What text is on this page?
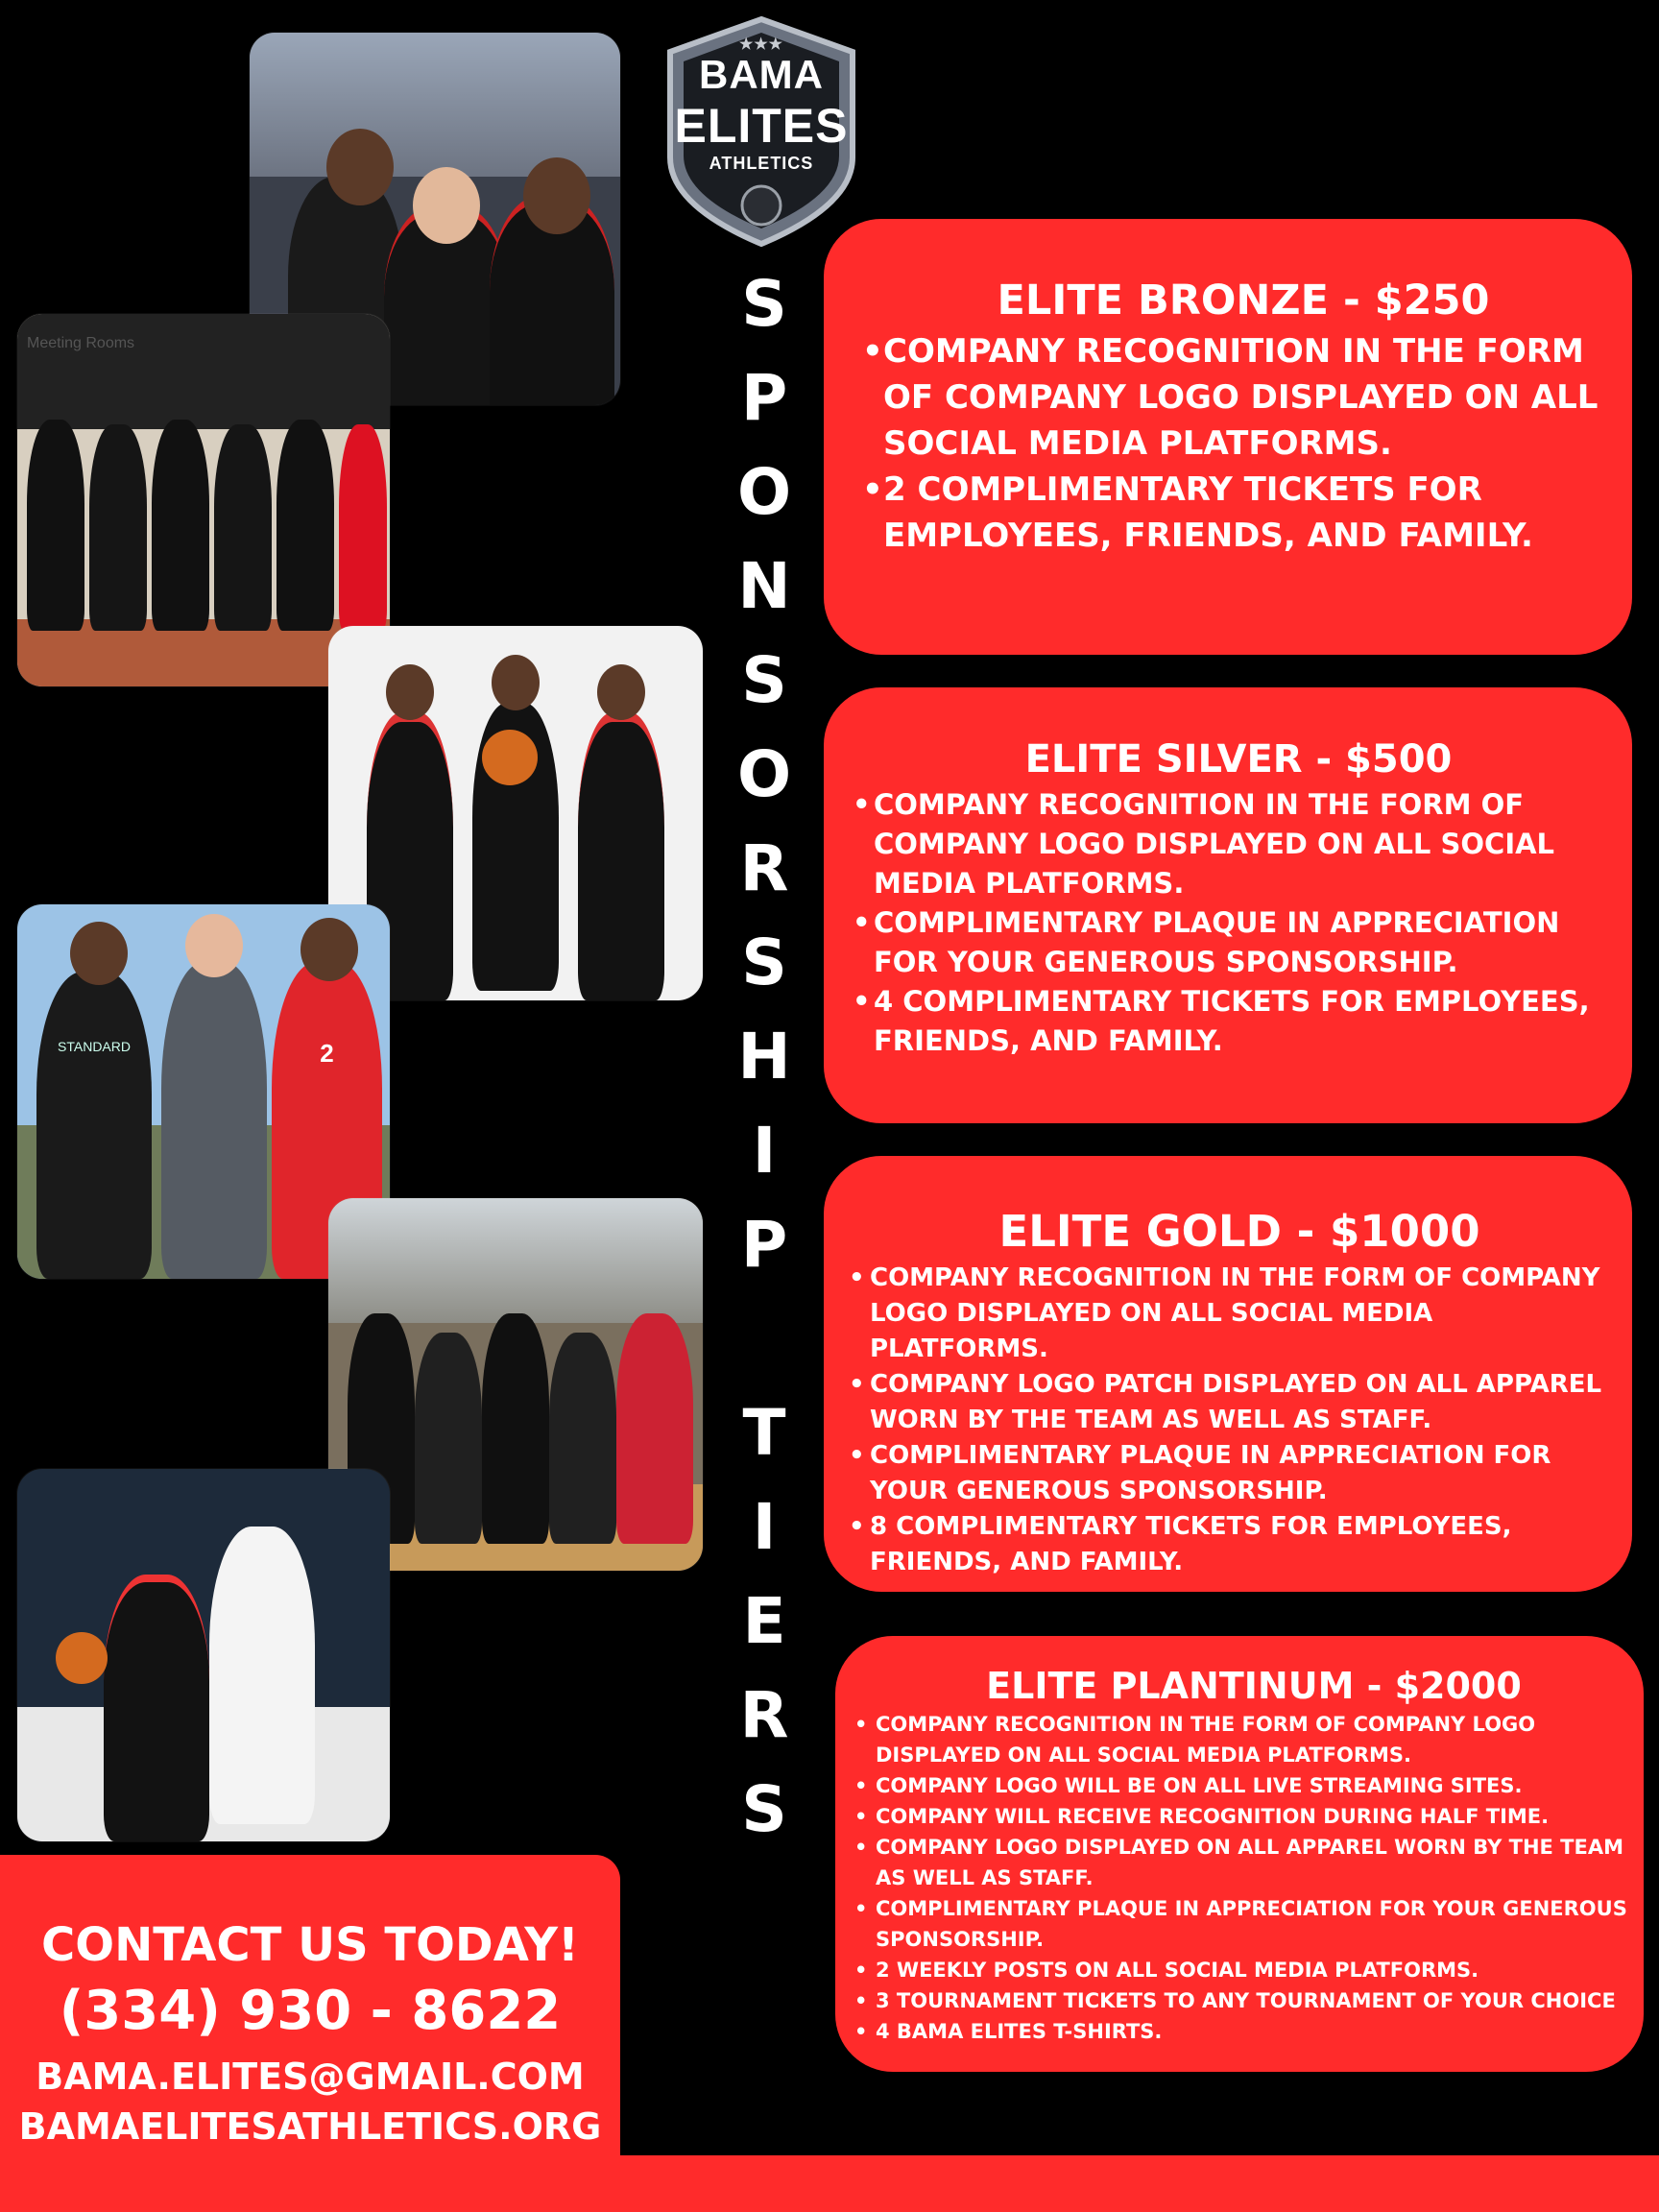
Meeting Rooms
2
STANDARD
★★★
BAMA
ELITES
ATHLETICS
S
P
O
N
S
O
R
S
H
I
P
T
I
E
R
S
ELITE BRONZE - $250
• COMPANY RECOGNITION IN THE FORM OF COMPANY LOGO DISPLAYED ON ALL SOCIAL MEDIA PLATFORMS.
• 2 COMPLIMENTARY TICKETS FOR EMPLOYEES, FRIENDS, AND FAMILY.
ELITE SILVER - $500
• COMPANY RECOGNITION IN THE FORM OF COMPANY LOGO DISPLAYED ON ALL SOCIAL MEDIA PLATFORMS.
• COMPLIMENTARY PLAQUE IN APPRECIATION FOR YOUR GENEROUS SPONSORSHIP.
• 4 COMPLIMENTARY TICKETS FOR EMPLOYEES, FRIENDS, AND FAMILY.
ELITE GOLD - $1000
• COMPANY RECOGNITION IN THE FORM OF COMPANY LOGO DISPLAYED ON ALL SOCIAL MEDIA PLATFORMS.
• COMPANY LOGO PATCH DISPLAYED ON ALL APPAREL WORN BY THE TEAM AS WELL AS STAFF.
• COMPLIMENTARY PLAQUE IN APPRECIATION FOR YOUR GENEROUS SPONSORSHIP.
• 8 COMPLIMENTARY TICKETS FOR EMPLOYEES, FRIENDS, AND FAMILY.
ELITE PLANTINUM - $2000
• COMPANY RECOGNITION IN THE FORM OF COMPANY LOGO DISPLAYED ON ALL SOCIAL MEDIA PLATFORMS.
• COMPANY LOGO WILL BE ON ALL LIVE STREAMING SITES.
• COMPANY WILL RECEIVE RECOGNITION DURING HALF TIME.
• COMPANY LOGO DISPLAYED ON ALL APPAREL WORN BY THE TEAM AS WELL AS STAFF.
• COMPLIMENTARY PLAQUE IN APPRECIATION FOR YOUR GENEROUS SPONSORSHIP.
• 2 WEEKLY POSTS ON ALL SOCIAL MEDIA PLATFORMS.
• 3 TOURNAMENT TICKETS TO ANY TOURNAMENT OF YOUR CHOICE
• 4 BAMA ELITES T-SHIRTS.
CONTACT US TODAY!
(334) 930 - 8622
BAMA.ELITES@GMAIL.COM
BAMAELITESATHLETICS.ORG
